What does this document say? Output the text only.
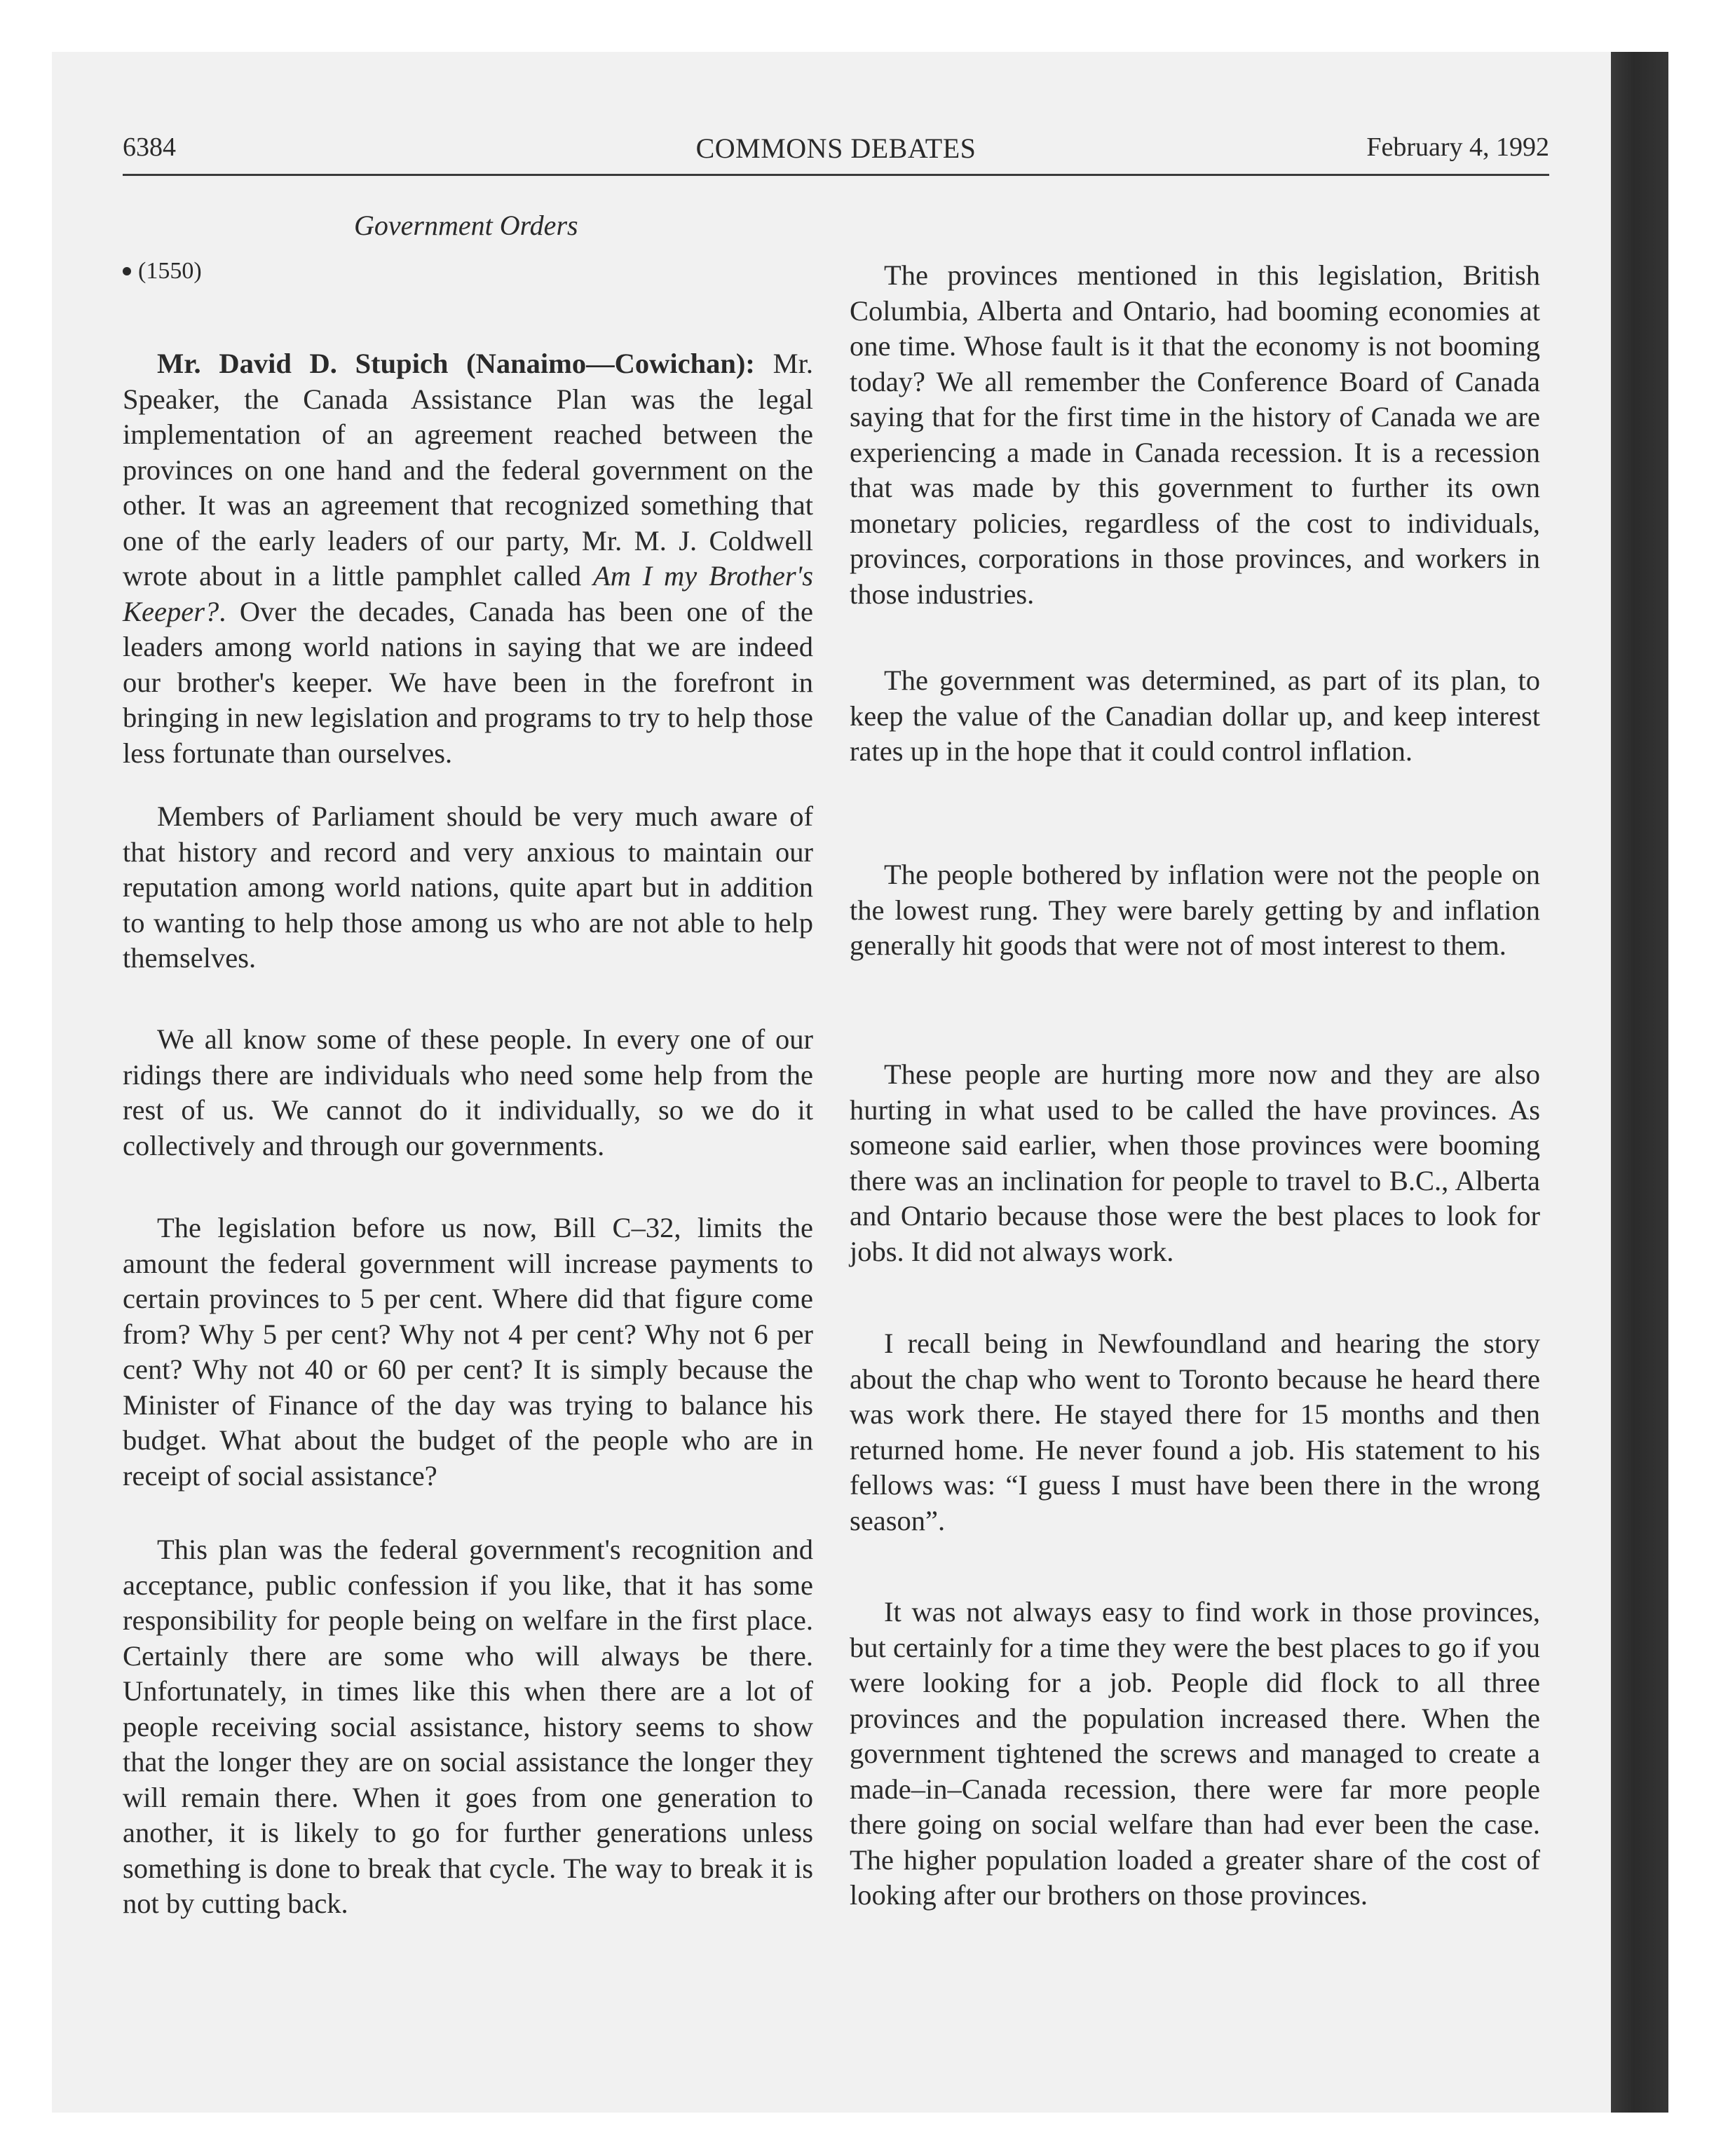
6384	COMMONS DEBATES	February 4, 1992
Government Orders
(1550)

Mr. David D. Stupich (Nanaimo—Cowichan): Mr. Speaker, the Canada Assistance Plan was the legal implementation of an agreement reached between the provinces on one hand and the federal government on the other. It was an agreement that recognized something that one of the early leaders of our party, Mr. M. J. Coldwell wrote about in a little pamphlet called Am I my Brother's Keeper?. Over the decades, Canada has been one of the leaders among world nations in saying that we are indeed our brother's keeper. We have been in the forefront in bringing in new legislation and programs to try to help those less fortunate than ourselves.

Members of Parliament should be very much aware of that history and record and very anxious to maintain our reputation among world nations, quite apart but in addition to wanting to help those among us who are not able to help themselves.

We all know some of these people. In every one of our ridings there are individuals who need some help from the rest of us. We cannot do it individually, so we do it collectively and through our governments.

The legislation before us now, Bill C–32, limits the amount the federal government will increase payments to certain provinces to 5 per cent. Where did that figure come from? Why 5 per cent? Why not 4 per cent? Why not 6 per cent? Why not 40 or 60 per cent? It is simply because the Minister of Finance of the day was trying to balance his budget. What about the budget of the people who are in receipt of social assistance?

This plan was the federal government's recognition and acceptance, public confession if you like, that it has some responsibility for people being on welfare in the first place. Certainly there are some who will always be there. Unfortunately, in times like this when there are a lot of people receiving social assistance, history seems to show that the longer they are on social assistance the longer they will remain there. When it goes from one generation to another, it is likely to go for further generations unless something is done to break that cycle. The way to break it is not by cutting back.

The provinces mentioned in this legislation, British Columbia, Alberta and Ontario, had booming economies at one time. Whose fault is it that the economy is not booming today? We all remember the Conference Board of Canada saying that for the first time in the history of Canada we are experiencing a made in Canada recession. It is a recession that was made by this government to further its own monetary policies, regardless of the cost to individuals, provinces, corporations in those provinces, and workers in those industries.

The government was determined, as part of its plan, to keep the value of the Canadian dollar up, and keep interest rates up in the hope that it could control inflation.

The people bothered by inflation were not the people on the lowest rung. They were barely getting by and inflation generally hit goods that were not of most interest to them.

These people are hurting more now and they are also hurting in what used to be called the have provinces. As someone said earlier, when those provinces were booming there was an inclination for people to travel to B.C., Alberta and Ontario because those were the best places to look for jobs. It did not always work.

I recall being in Newfoundland and hearing the story about the chap who went to Toronto because he heard there was work there. He stayed there for 15 months and then returned home. He never found a job. His statement to his fellows was: “I guess I must have been there in the wrong season”.

It was not always easy to find work in those provinces, but certainly for a time they were the best places to go if you were looking for a job. People did flock to all three provinces and the population increased there. When the government tightened the screws and managed to create a made–in–Canada recession, there were far more people there going on social welfare than had ever been the case. The higher population loaded a greater share of the cost of looking after our brothers on those provinces.
